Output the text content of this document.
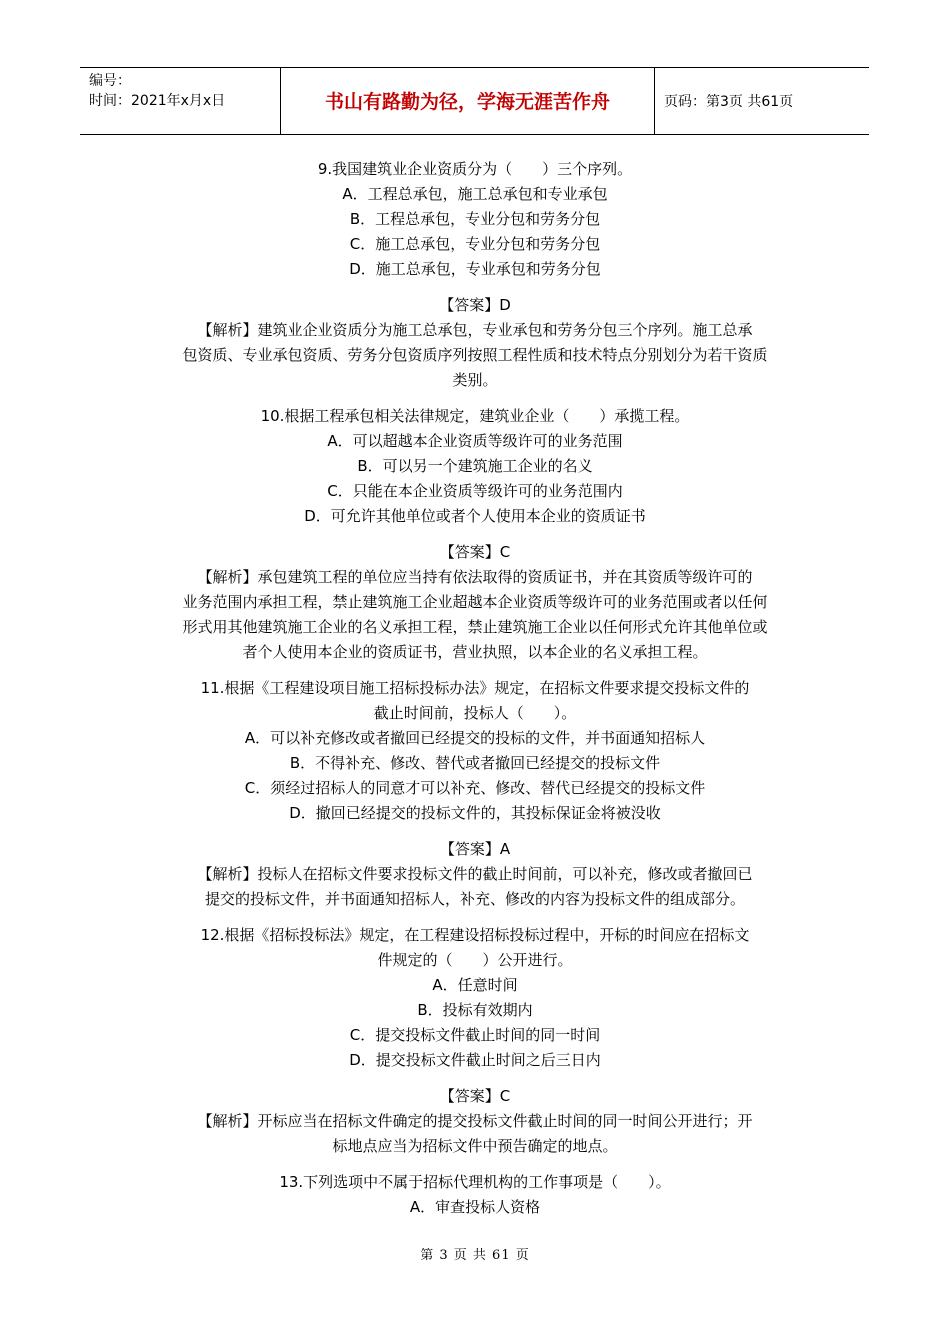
编号：
时间：2021年x月x日	书山有路勤为径，学海无涯苦作舟	页码：第3页 共61页
9.我国建筑业企业资质分为（　　）三个序列。
A．工程总承包，施工总承包和专业承包
B．工程总承包，专业分包和劳务分包
C．施工总承包，专业分包和劳务分包
D．施工总承包，专业承包和劳务分包
【答案】D
【解析】建筑业企业资质分为施工总承包，专业承包和劳务分包三个序列。施工总承
包资质、专业承包资质、劳务分包资质序列按照工程性质和技术特点分别划分为若干资质
类别。
10.根据工程承包相关法律规定，建筑业企业（　　）承揽工程。
A．可以超越本企业资质等级许可的业务范围
B．可以另一个建筑施工企业的名义
C．只能在本企业资质等级许可的业务范围内
D．可允许其他单位或者个人使用本企业的资质证书
【答案】C
【解析】承包建筑工程的单位应当持有依法取得的资质证书，并在其资质等级许可的
业务范围内承担工程，禁止建筑施工企业超越本企业资质等级许可的业务范围或者以任何
形式用其他建筑施工企业的名义承担工程，禁止建筑施工企业以任何形式允许其他单位或
者个人使用本企业的资质证书，营业执照，以本企业的名义承担工程。
11.根据《工程建设项目施工招标投标办法》规定，在招标文件要求提交投标文件的
截止时间前，投标人（　　）。
A．可以补充修改或者撤回已经提交的投标的文件，并书面通知招标人
B．不得补充、修改、替代或者撤回已经提交的投标文件
C．须经过招标人的同意才可以补充、修改、替代已经提交的投标文件
D．撤回已经提交的投标文件的，其投标保证金将被没收
【答案】A
【解析】投标人在招标文件要求投标文件的截止时间前，可以补充，修改或者撤回已
提交的投标文件，并书面通知招标人，补充、修改的内容为投标文件的组成部分。
12.根据《招标投标法》规定，在工程建设招标投标过程中，开标的时间应在招标文
件规定的（　　）公开进行。
A．任意时间
B．投标有效期内
C．提交投标文件截止时间的同一时间
D．提交投标文件截止时间之后三日内
【答案】C
【解析】开标应当在招标文件确定的提交投标文件截止时间的同一时间公开进行；开
标地点应当为招标文件中预告确定的地点。
13.下列选项中不属于招标代理机构的工作事项是（　　）。
A．审查投标人资格
第 3 页 共 61 页
